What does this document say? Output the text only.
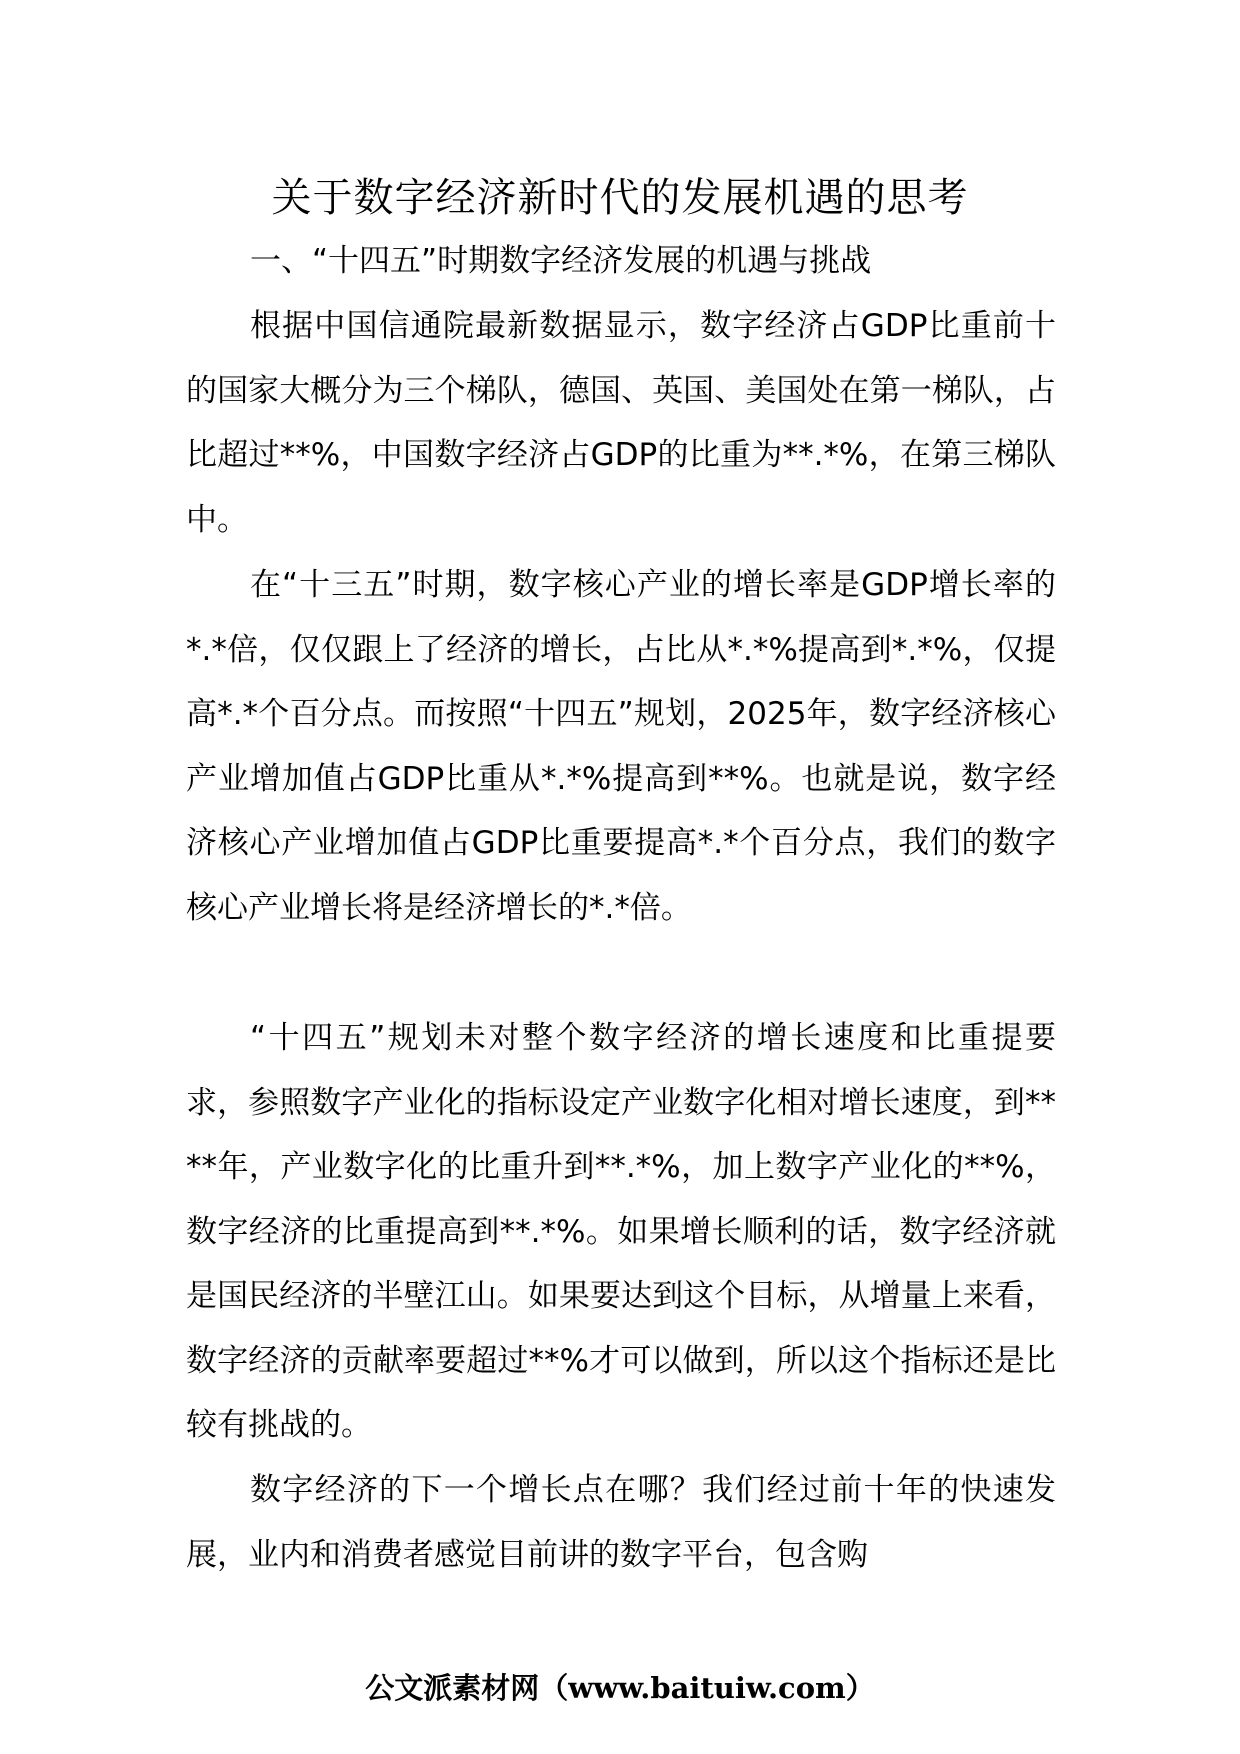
关于数字经济新时代的发展机遇的思考
一、“十四五”时期数字经济发展的机遇与挑战

根据中国信通院最新数据显示，数字经济占GDP比重前十的国家大概分为三个梯队，德国、英国、美国处在第一梯队，占比超过**%，中国数字经济占GDP的比重为**.*%，在第三梯队中。

在“十三五”时期，数字核心产业的增长率是GDP增长率的*.*倍，仅仅跟上了经济的增长，占比从*.*%提高到*.*%，仅提高*.*个百分点。而按照“十四五”规划，2025年，数字经济核心产业增加值占GDP比重从*.*%提高到**%。也就是说，数字经济核心产业增加值占GDP比重要提高*.*个百分点，我们的数字核心产业增长将是经济增长的*.*倍。

“十四五”规划未对整个数字经济的增长速度和比重提要求，参照数字产业化的指标设定产业数字化相对增长速度，到****年，产业数字化的比重升到**.*%，加上数字产业化的**%，数字经济的比重提高到**.*%。如果增长顺利的话，数字经济就是国民经济的半壁江山。如果要达到这个目标，从增量上来看，数字经济的贡献率要超过**%才可以做到，所以这个指标还是比较有挑战的。

数字经济的下一个增长点在哪？我们经过前十年的快速发展，业内和消费者感觉目前讲的数字平台，包含购

公文派素材网（www.baituiw.com）
